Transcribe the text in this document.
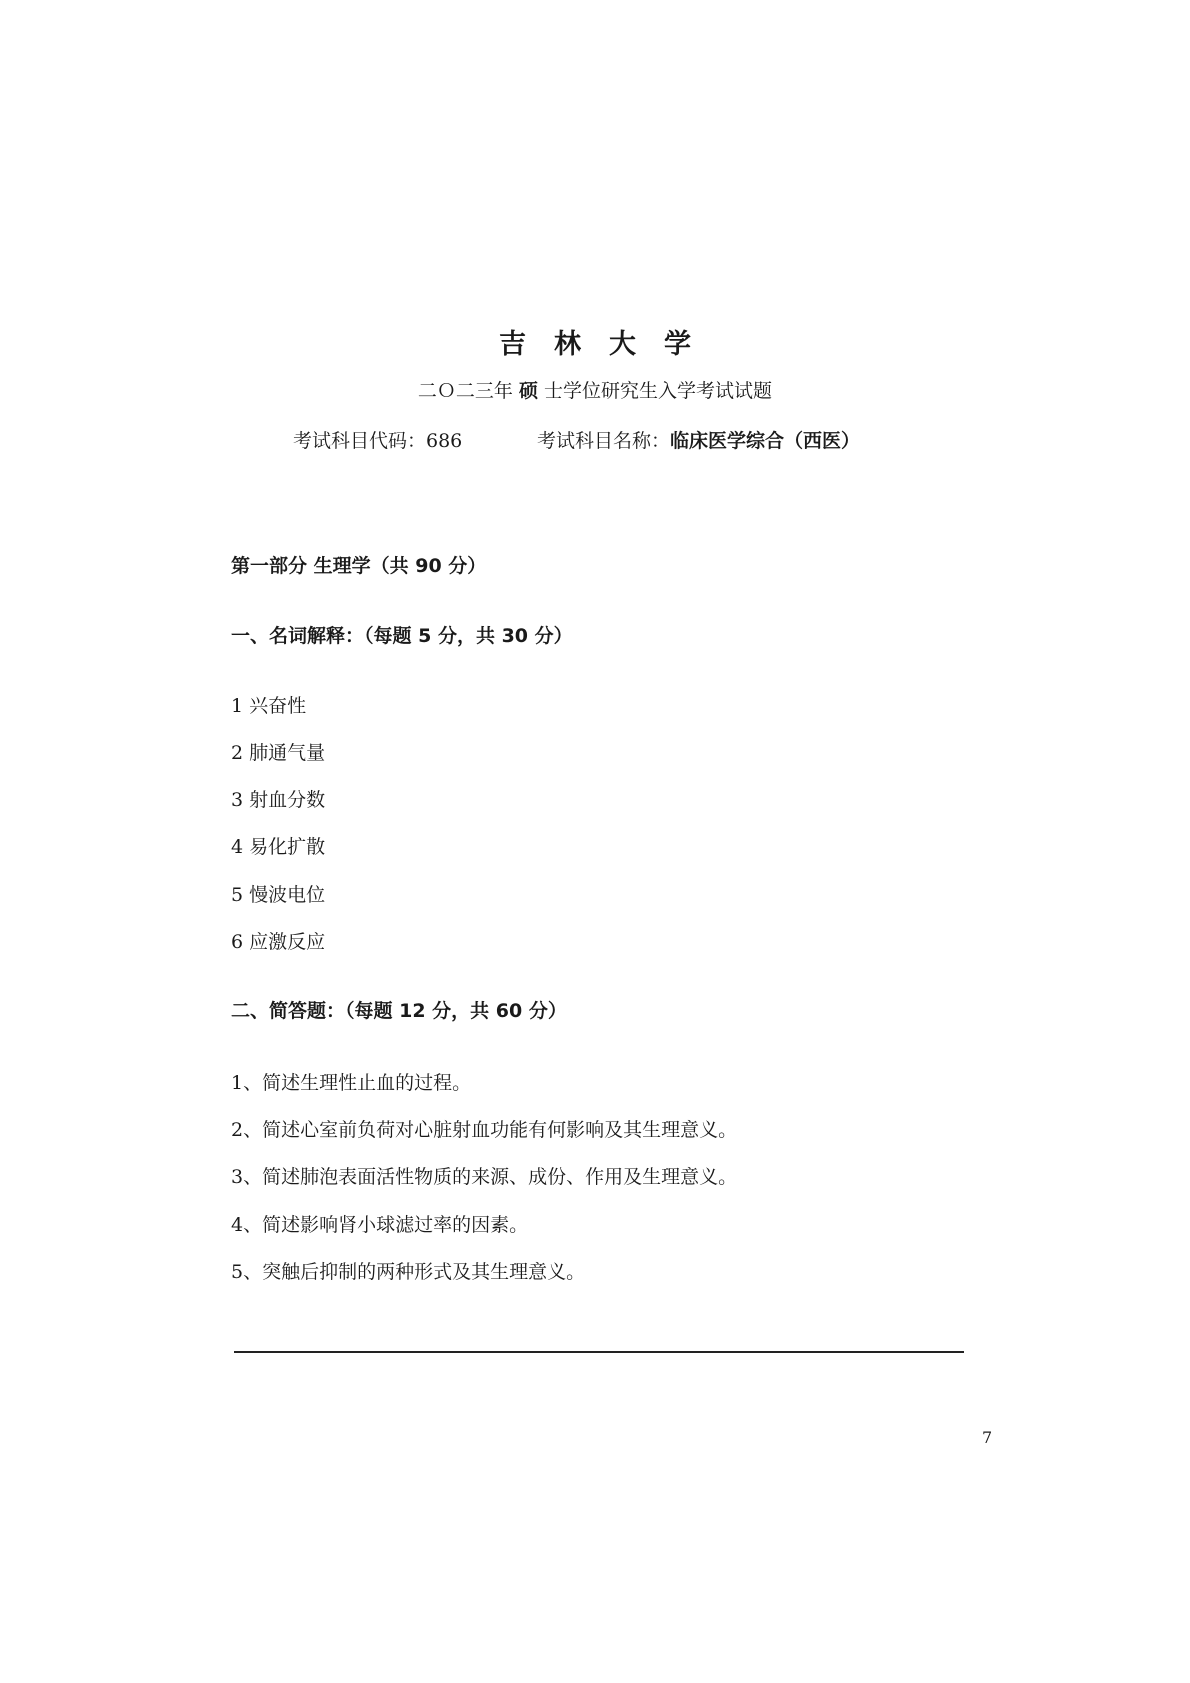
吉林大学
二Ｏ二三年 硕 士学位研究生入学考试试题
考试科目代码：686	考试科目名称：临床医学综合（西医）
第一部分 生理学（共 90 分）
一、名词解释：（每题 5 分，共 30 分）
1 兴奋性
2 肺通气量
3 射血分数
4 易化扩散
5 慢波电位
6 应激反应
二、简答题：（每题 12 分，共 60 分）
1、简述生理性止血的过程。
2、简述心室前负荷对心脏射血功能有何影响及其生理意义。
3、简述肺泡表面活性物质的来源、成份、作用及生理意义。
4、简述影响肾小球滤过率的因素。
5、突触后抑制的两种形式及其生理意义。
7
